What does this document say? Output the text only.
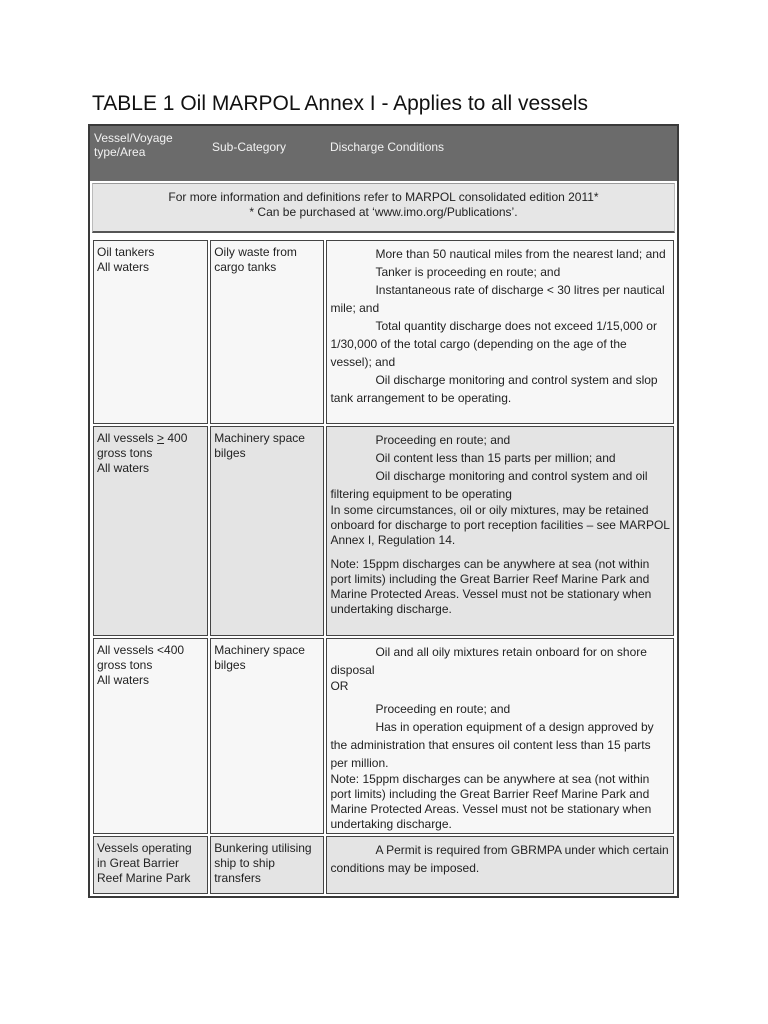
TABLE 1 Oil MARPOL Annex I - Applies to all vessels
Vessel/Voyage type/Area	Sub-Category	Discharge Conditions
For more information and definitions refer to MARPOL consolidated edition 2011*
* Can be purchased at ‘www.imo.org/Publications’.
Oil tankers
All waters
Oily waste from cargo tanks

More than 50 nautical miles from the nearest land; and

Tanker is proceeding en route; and

Instantaneous rate of discharge < 30 litres per nautical mile; and

Total quantity discharge does not exceed 1/15,000 or 1/30,000 of the total cargo (depending on the age of the vessel); and

Oil discharge monitoring and control system and slop tank arrangement to be operating.

All vessels > 400 gross tons
All waters
Machinery space bilges

Proceeding en route; and

Oil content less than 15 parts per million; and

Oil discharge monitoring and control system and oil filtering equipment to be operating

In some circumstances, oil or oily mixtures, may be retained onboard for discharge to port reception facilities – see MARPOL Annex I, Regulation 14.

Note: 15ppm discharges can be anywhere at sea (not within port limits) including the Great Barrier Reef Marine Park and Marine Protected Areas. Vessel must not be stationary when undertaking discharge.

All vessels <400 gross tons
All waters
Machinery space bilges

Oil and all oily mixtures retain onboard for on shore disposal

OR

Proceeding en route; and

Has in operation equipment of a design approved by the administration that ensures oil content less than 15 parts per million.

Note: 15ppm discharges can be anywhere at sea (not within port limits) including the Great Barrier Reef Marine Park and Marine Protected Areas. Vessel must not be stationary when undertaking discharge.

Vessels operating in Great Barrier Reef Marine Park
Bunkering utilising ship to ship transfers

A Permit is required from GBRMPA under which certain conditions may be imposed.
